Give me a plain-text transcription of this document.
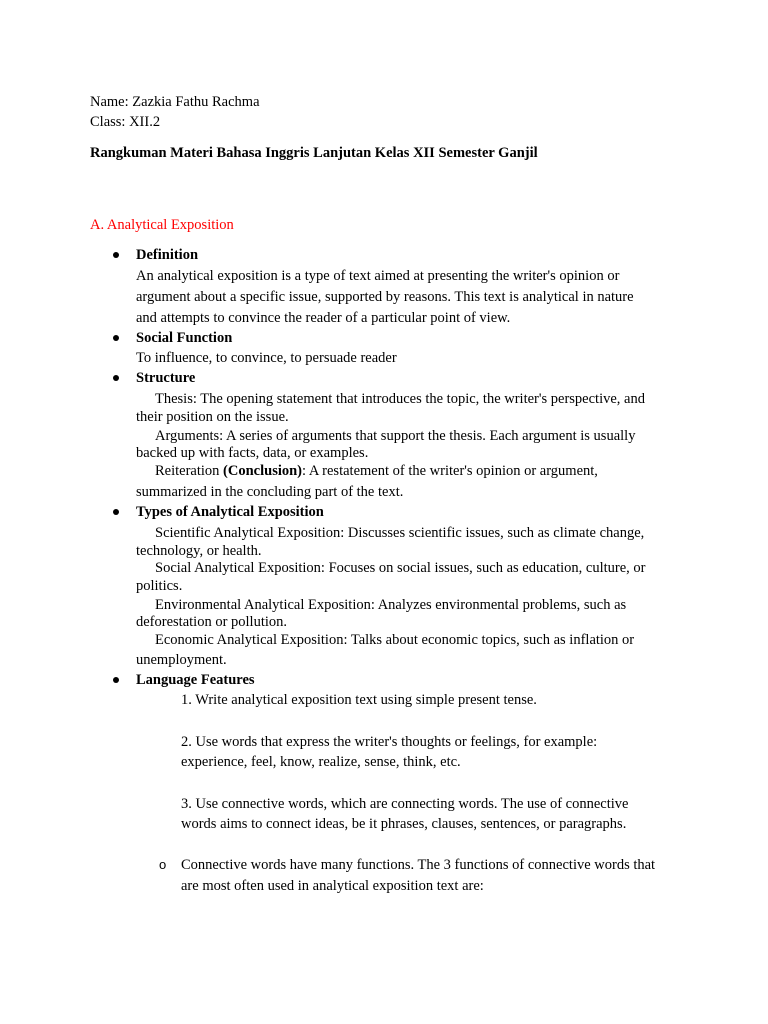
Name: Zazkia Fathu Rachma
Class: XII.2
Rangkuman Materi Bahasa Inggris Lanjutan Kelas XII Semester Ganjil
A. Analytical Exposition
Definition
An analytical exposition is a type of text aimed at presenting the writer's opinion or
argument about a specific issue, supported by reasons. This text is analytical in nature
and attempts to convince the reader of a particular point of view.
Social Function
To influence, to convince, to persuade reader
Structure
Thesis: The opening statement that introduces the topic, the writer's perspective, and
their position on the issue.
Arguments: A series of arguments that support the thesis. Each argument is usually
backed up with facts, data, or examples.
Reiteration (Conclusion): A restatement of the writer's opinion or argument,
summarized in the concluding part of the text.
Types of Analytical Exposition
Scientific Analytical Exposition: Discusses scientific issues, such as climate change,
technology, or health.
Social Analytical Exposition: Focuses on social issues, such as education, culture, or
politics.
Environmental Analytical Exposition: Analyzes environmental problems, such as
deforestation or pollution.
Economic Analytical Exposition: Talks about economic topics, such as inflation or
unemployment.
Language Features
1. Write analytical exposition text using simple present tense.
2. Use words that express the writer's thoughts or feelings, for example:
experience, feel, know, realize, sense, think, etc.
3. Use connective words, which are connecting words. The use of connective
words aims to connect ideas, be it phrases, clauses, sentences, or paragraphs.
o Connective words have many functions. The 3 functions of connective words that
are most often used in analytical exposition text are:
